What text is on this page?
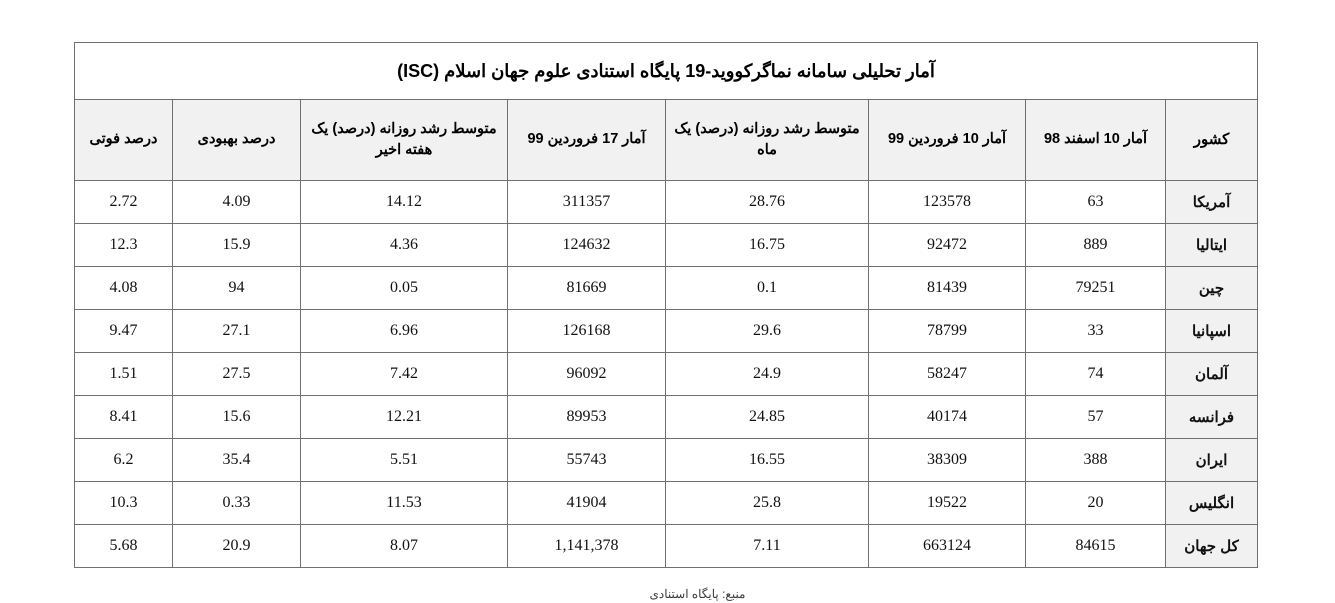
آمار تحلیلی سامانه نماگرکووید-19 پایگاه استنادی علوم جهان اسلام (ISC)							
کشور	آمار 10 اسفند 98	آمار 10 فروردین 99	متوسط رشد روزانه (درصد) یک ماه	آمار 17 فروردین 99	متوسط رشد روزانه (درصد) یک هفته اخیر	درصد بهبودی	درصد فوتی
آمریکا	63	123578	28.76	311357	14.12	4.09	2.72
ایتالیا	889	92472	16.75	124632	4.36	15.9	12.3
چین	79251	81439	0.1	81669	0.05	94	4.08
اسپانیا	33	78799	29.6	126168	6.96	27.1	9.47
آلمان	74	58247	24.9	96092	7.42	27.5	1.51
فرانسه	57	40174	24.85	89953	12.21	15.6	8.41
ایران	388	38309	16.55	55743	5.51	35.4	6.2
انگلیس	20	19522	25.8	41904	11.53	0.33	10.3
کل جهان	84615	663124	7.11	1,141,378	8.07	20.9	5.68
منبع: پایگاه استنادی
